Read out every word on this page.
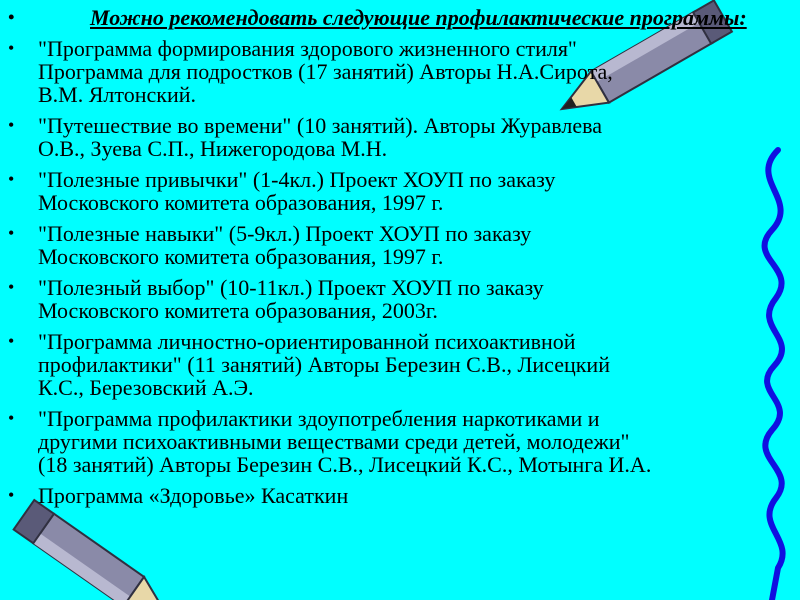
• Можно рекомендовать следующие профилактические программы:
• "Программа формирования здорового жизненного стиля"
Программа для подростков (17 занятий) Авторы Н.А.Сирота,
В.М. Ялтонский.
• "Путешествие во времени" (10 занятий). Авторы Журавлева
О.В., Зуева С.П., Нижегородова М.Н.
• "Полезные привычки" (1-4кл.) Проект ХОУП по заказу
Московского комитета образования, 1997 г.
• "Полезные навыки" (5-9кл.) Проект ХОУП по заказу
Московского комитета образования, 1997 г.
• "Полезный выбор" (10-11кл.) Проект ХОУП по заказу
Московского комитета образования, 2003г.
• "Программа личностно-ориентированной психоактивной
профилактики" (11 занятий) Авторы Березин С.В., Лисецкий
К.С., Березовский А.Э.
• "Программа профилактики здоупотребления наркотиками и
другими психоактивными веществами среди детей, молодежи"
(18 занятий) Авторы Березин С.В., Лисецкий К.С., Мотынга И.А.
• Программа «Здоровье» Касаткин
